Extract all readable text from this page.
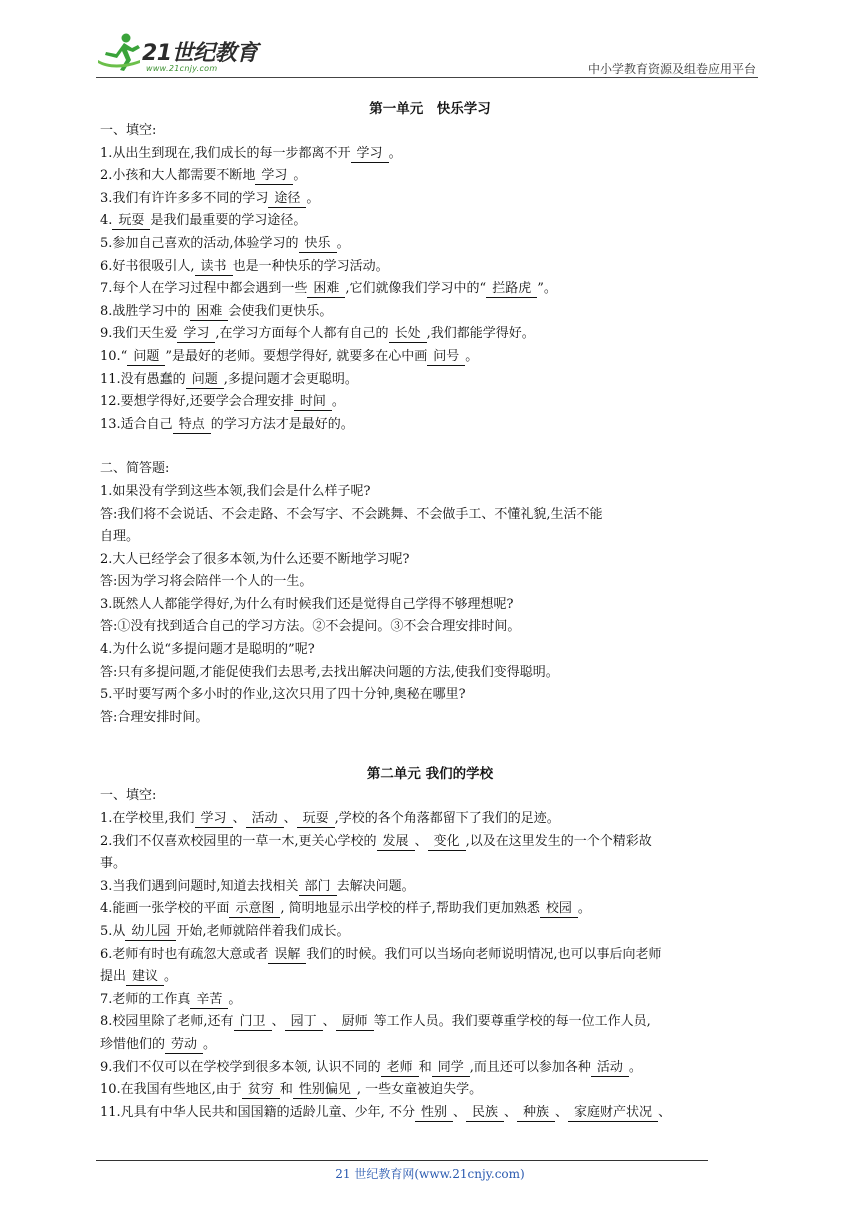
21世纪教育
www.21cnjy.com	中小学教育资源及组卷应用平台
第一单元　快乐学习
一、填空:
1.从出生到现在,我们成长的每一步都离不开 学习 。
2.小孩和大人都需要不断地 学习 。
3.我们有许许多多不同的学习 途径 。
4. 玩耍 是我们最重要的学习途径。
5.参加自己喜欢的活动,体验学习的 快乐 。
6.好书很吸引人, 读书 也是一种快乐的学习活动。
7.每个人在学习过程中都会遇到一些 困难 ,它们就像我们学习中的“ 拦路虎 ”。
8.战胜学习中的 困难 会使我们更快乐。
9.我们天生爱 学习 ,在学习方面每个人都有自己的 长处 ,我们都能学得好。
10.“ 问题 ”是最好的老师。要想学得好, 就要多在心中画 问号 。
11.没有愚蠢的 问题 ,多提问题才会更聪明。
12.要想学得好,还要学会合理安排 时间 。
13.适合自己 特点 的学习方法才是最好的。
二、简答题:
1.如果没有学到这些本领,我们会是什么样子呢?
答:我们将不会说话、不会走路、不会写字、不会跳舞、不会做手工、不懂礼貌,生活不能
自理。
2.大人已经学会了很多本领,为什么还要不断地学习呢?
答:因为学习将会陪伴一个人的一生。
3.既然人人都能学得好,为什么有时候我们还是觉得自己学得不够理想呢?
答:①没有找到适合自己的学习方法。②不会提问。③不会合理安排时间。
4.为什么说“多提问题才是聪明的”呢?
答:只有多提问题,才能促使我们去思考,去找出解决问题的方法,使我们变得聪明。
5.平时要写两个多小时的作业,这次只用了四十分钟,奥秘在哪里?
答:合理安排时间。
第二单元 我们的学校
一、填空:
1.在学校里,我们 学习 、 活动 、 玩耍 ,学校的各个角落都留下了我们的足迹。
2.我们不仅喜欢校园里的一草一木,更关心学校的 发展 、 变化 ,以及在这里发生的一个个精彩故
事。
3.当我们遇到问题时,知道去找相关 部门 去解决问题。
4.能画一张学校的平面 示意图 , 简明地显示出学校的样子,帮助我们更加熟悉 校园 。
5.从 幼儿园 开始,老师就陪伴着我们成长。
6.老师有时也有疏忽大意或者 误解 我们的时候。我们可以当场向老师说明情况,也可以事后向老师
提出 建议 。
7.老师的工作真 辛苦 。
8.校园里除了老师,还有 门卫 、 园丁 、 厨师 等工作人员。我们要尊重学校的每一位工作人员,
珍惜他们的 劳动 。
9.我们不仅可以在学校学到很多本领, 认识不同的 老师 和 同学 ,而且还可以参加各种 活动 。
10.在我国有些地区,由于 贫穷 和 性别偏见 , 一些女童被迫失学。
11.凡具有中华人民共和国国籍的适龄儿童、少年, 不分 性别 、 民族 、 种族 、 家庭财产状况 、
21 世纪教育网(www.21cnjy.com)
